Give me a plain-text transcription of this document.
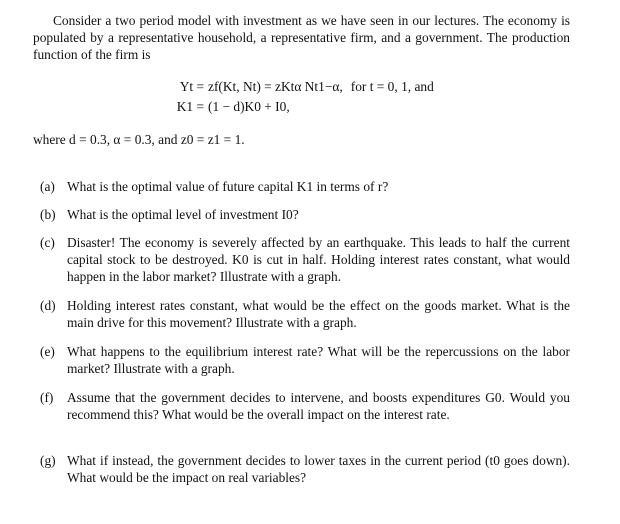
Consider a two period model with investment as we have seen in our lectures. The economy is populated by a representative household, a representative firm, and a government. The production function of the firm is

Yt = zf(Kt, Nt) = zKtα Nt1−α, for t = 0, 1, and
K1 = (1 − d)K0 + I0,
where d = 0.3, α = 0.3, and z0 = z1 = 1.
(a) What is the optimal value of future capital K1 in terms of r?
(b) What is the optimal level of investment I0?
(c) Disaster! The economy is severely affected by an earthquake. This leads to half the current capital stock to be destroyed. K0 is cut in half. Holding interest rates constant, what would happen in the labor market? Illustrate with a graph.
(d) Holding interest rates constant, what would be the effect on the goods market. What is the main drive for this movement? Illustrate with a graph.
(e) What happens to the equilibrium interest rate? What will be the repercussions on the labor market? Illustrate with a graph.
(f)	Assume that the government decides to intervene, and boosts expenditures G0. Would you recommend this? What would be the overall impact on the interest rate.
(g) What if instead, the government decides to lower taxes in the current period (t0 goes down). What would be the impact on real variables?
